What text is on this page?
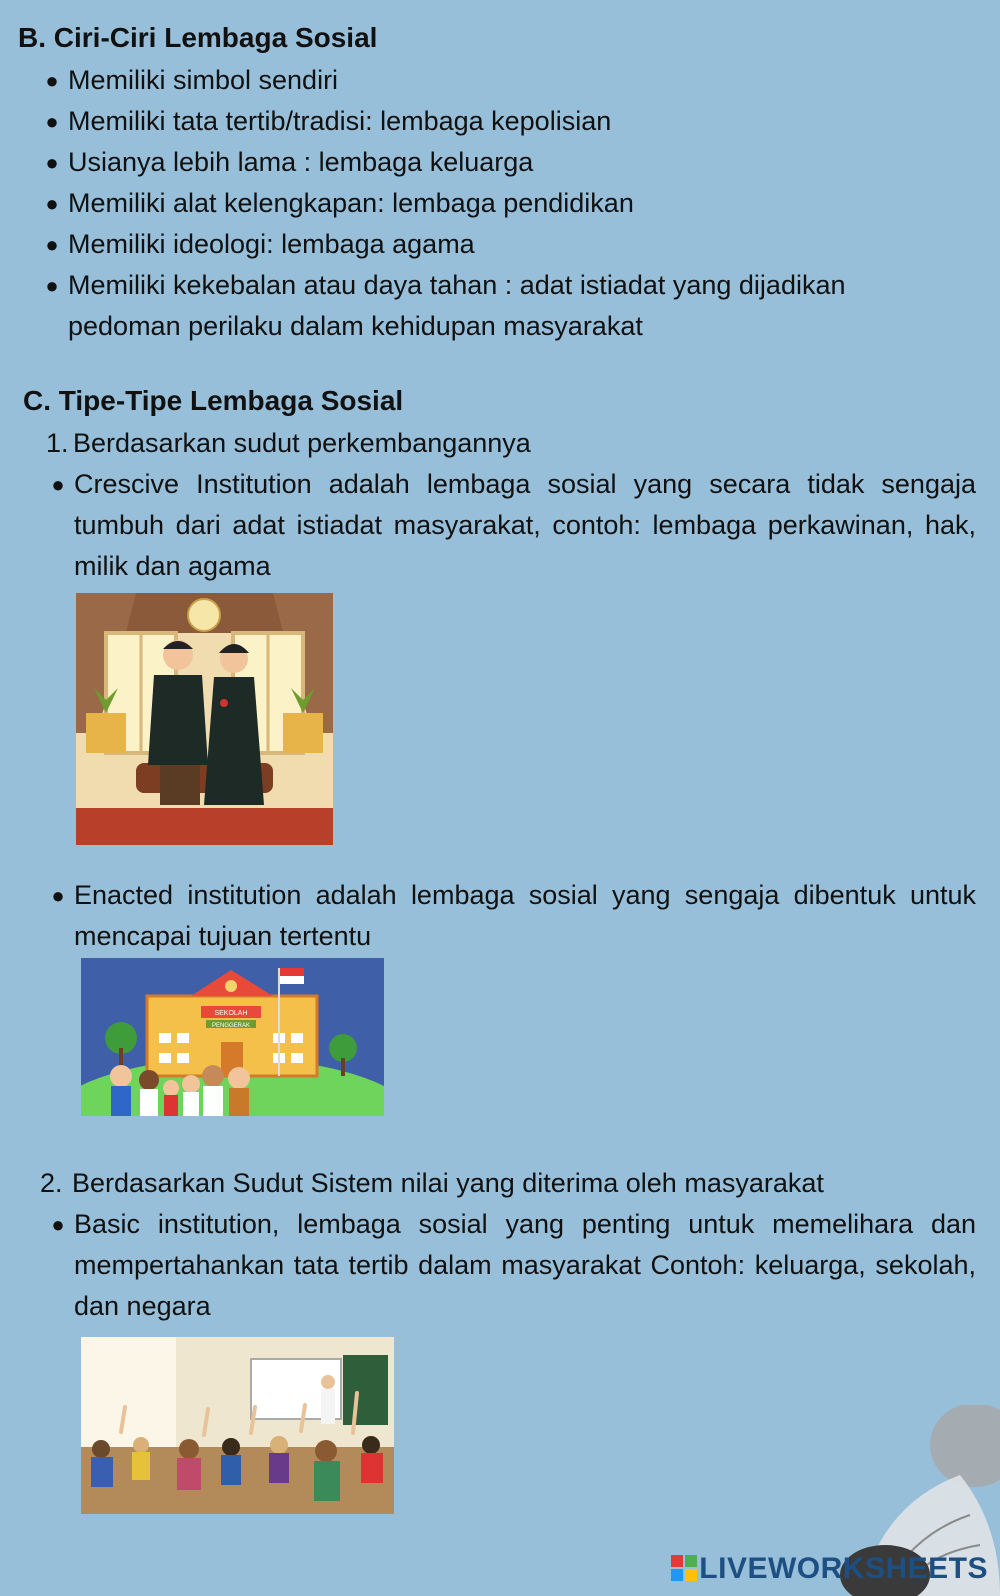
B. Ciri-Ciri Lembaga Sosial
● Memiliki simbol sendiri
● Memiliki tata tertib/tradisi: lembaga kepolisian
● Usianya lebih lama : lembaga keluarga
● Memiliki alat kelengkapan: lembaga pendidikan
● Memiliki ideologi: lembaga agama
● Memiliki kekebalan atau daya tahan : adat istiadat yang dijadikan pedoman perilaku dalam kehidupan masyarakat
C. Tipe-Tipe Lembaga Sosial
1. Berdasarkan sudut perkembangannya
● Crescive Institution adalah lembaga sosial yang secara tidak sengaja tumbuh dari adat istiadat masyarakat, contoh: lembaga perkawinan, hak, milik dan agama
● Enacted institution adalah lembaga sosial yang sengaja dibentuk untuk mencapai tujuan tertentu
SEKOLAH
PENGGERAK
2. Berdasarkan Sudut Sistem nilai yang diterima oleh masyarakat
● Basic institution, lembaga sosial yang penting untuk memelihara dan mempertahankan tata tertib dalam masyarakat Contoh: keluarga, sekolah, dan negara
LIVEWORKSHEETS
